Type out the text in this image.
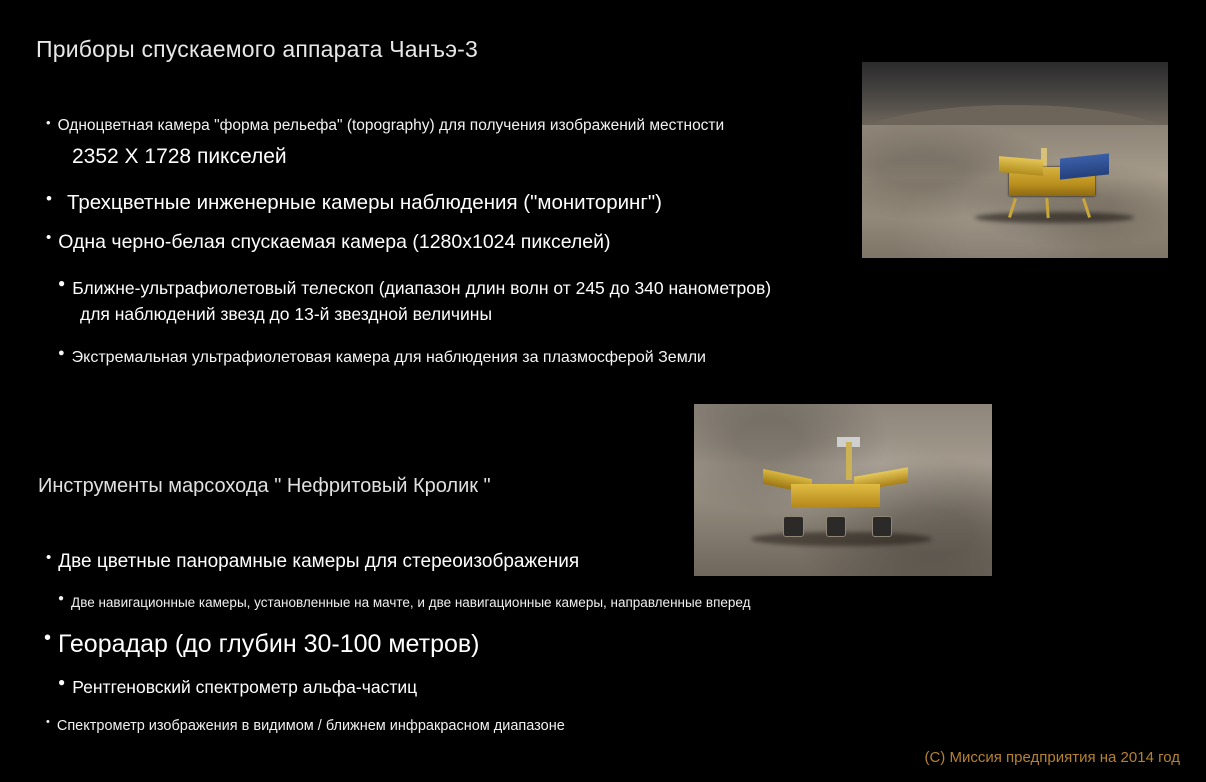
Приборы спускаемого аппарата Чанъэ-3
• Одноцветная камера "форма рельефа" (topography) для получения изображений местности
2352 X 1728 пикселей
• Трехцветные инженерные камеры наблюдения ("мониторинг")
• Одна черно-белая спускаемая камера (1280x1024 пикселей)
● Ближне-ультрафиолетовый телескоп (диапазон длин волн от 245 до 340 нанометров)
для наблюдений звезд до 13-й звездной величины
● Экстремальная ультрафиолетовая камера для наблюдения за плазмосферой Земли
Инструменты марсохода " Нефритовый Кролик "
• Две цветные панорамные камеры для стереоизображения
● Две навигационные камеры, установленные на мачте, и две навигационные камеры, направленные вперед
• Георадар (до глубин 30-100 метров)
● Рентгеновский спектрометр альфа-частиц
• Спектрометр изображения в видимом / ближнем инфракрасном диапазоне
(С) Миссия предприятия на 2014 год
